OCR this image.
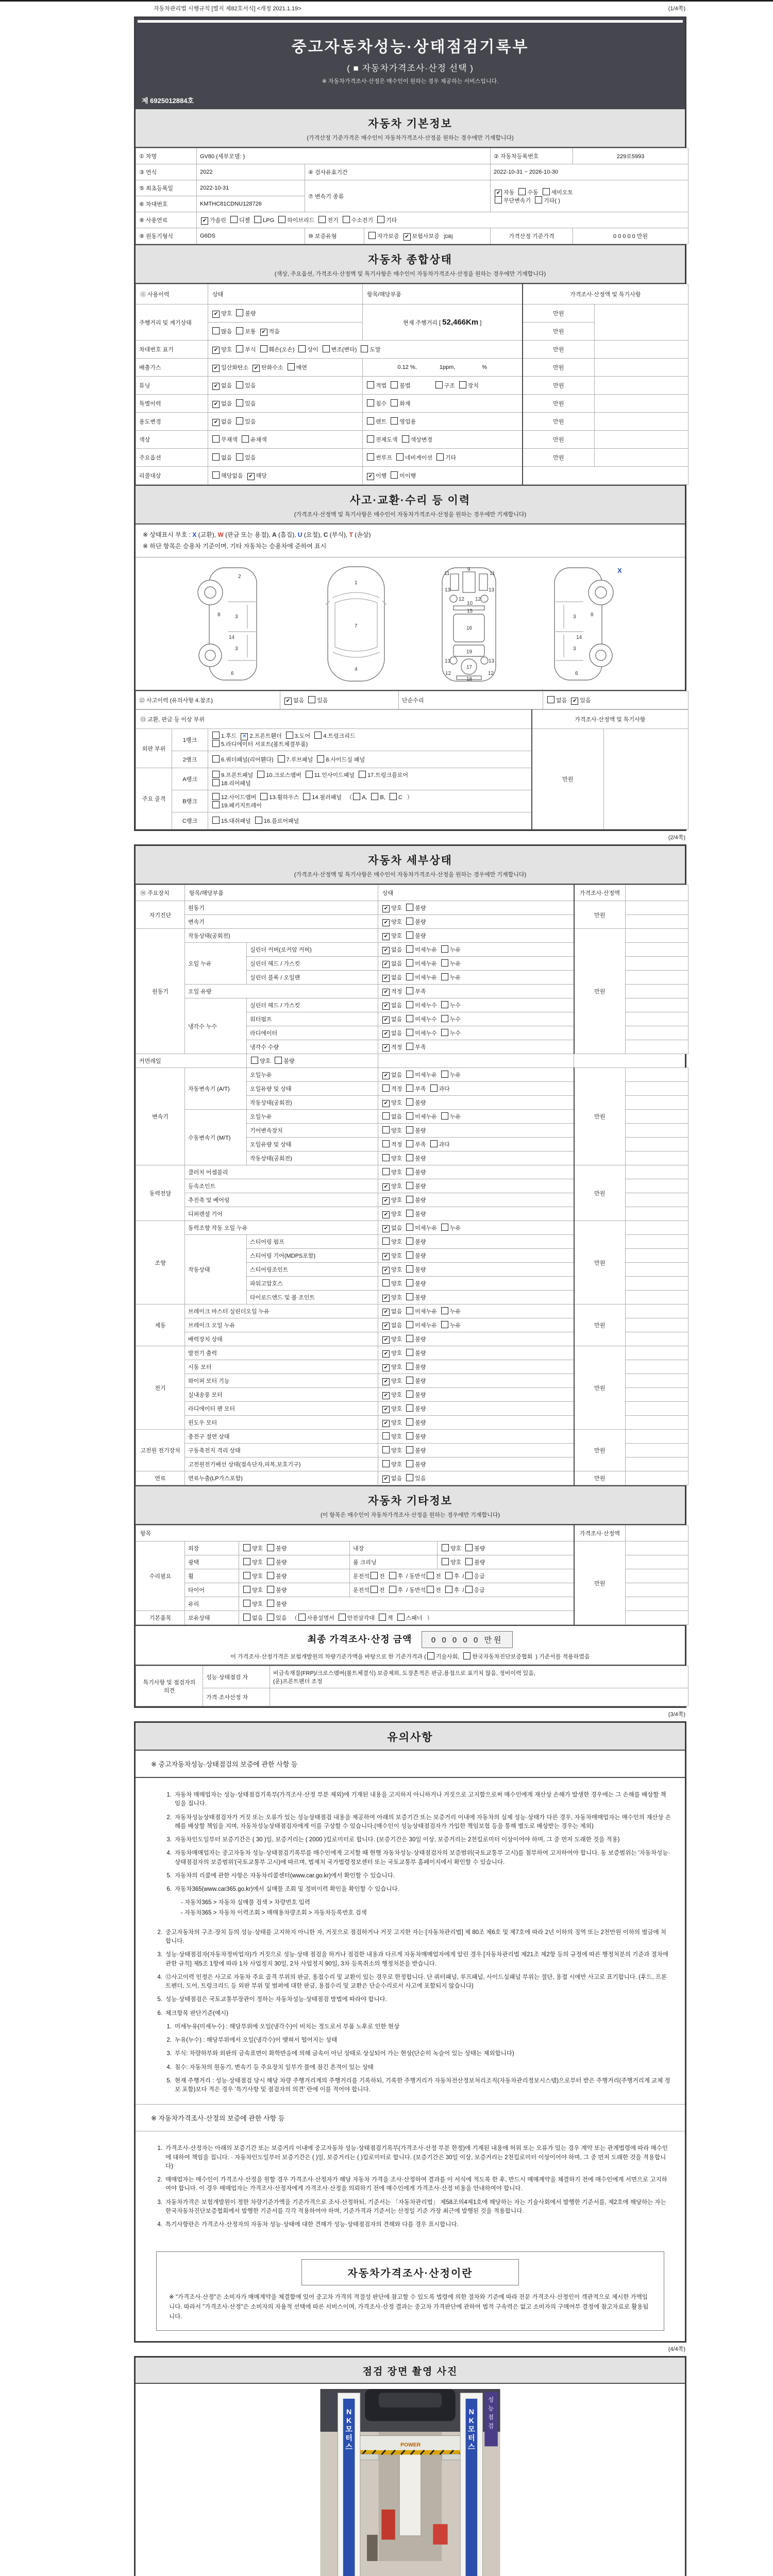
자동차관리법 시행규칙 [별지 제82호서식] <개정 2021.1.19>	(1/4쪽)
중고자동차성능·상태점검기록부
( ■ 자동차가격조사·산정 선택 )
※ 자동차가격조사·산정은 매수인이 원하는 경우 제공하는 서비스입니다.
제 6925012884호
자동차 기본정보
(가격산정 기준가격은 매수인이 자동차가격조사·산정을 원하는 경우에만 기재합니다)
① 차명	GV80 (세부모델: )			② 자동차등록번호	229로5993
③ 연식	2022	④ 검사유효기간		2022-10-31 ~ 2026-10-30	
⑤ 최초등록일	2022-10-31	⑦ 변속기 종류		✔ 자동 수동 세미오토
무단변속기 기타( )	
⑥ 차대번호	KMTHC81CDNU128726				
⑧ 사용연료	✔ 가솔린 디젤 LPG 하이브리드 전기 수소전기 기타				
⑨ 원동기형식	G6DS	⑩ 보증유형	자가보증 ✔ 보험사보증 [DB]	가격산정 기준가격	0 0 0 0 0 만원
자동차 종합상태
(색상, 주요옵션, 가격조사·산정액 및 특기사항은 매수인이 자동차가격조사·산정을 원하는 경우에만 기재합니다)
⑪ 사용이력	상태	항목/해당부품	가격조사·산정액 및 특기사항	
주행거리 및 계기상태	✔ 양호 불량	현재 주행거리 [ 52,466Km ]	만원	
	많음 보통 ✔ 적음		만원	
차대번호 표기	✔ 양호 부식 훼손(오손) 상이 변조(변타) 도말		만원	
배출가스	✔ 일산화탄소 ✔ 탄화수소 매연	0.12 %, 1ppm, %	만원	
튜닝	✔ 없음 있음	적법 불법 구조 장치	만원	
특별이력	✔ 없음 있음	침수 화재	만원	
용도변경	✔ 없음 있음	렌트 영업용	만원	
색상	무채색 유채색	전체도색 색상변경	만원	
주요옵션	없음 있음	썬루프 네비게이션 기타	만원	
리콜대상	해당없음 ✔ 해당	✔ 이행 미이행		
사고·교환·수리 등 이력
(가격조사·산정액 및 특기사항은 매수인이 자동차가격조사·산정을 원하는 경우에만 기재합니다)
※ 상태표시 부호 : X (교환), W (판금 또는 용접), A (흠집), U (요철), C (부식), T (손상)
※ 하단 항목은 승용차 기준이며, 기타 자동차는 승용차에 준하여 표시
2
8	3
14
3
6
1
7
4
9
11	11
13	13
12 12
10
15
16
19
13	13
17
12	12
18
3	8
14
3
6
X
⑫ 사고이력 (유의사항 4.참조)	✔ 없음 있음	단순수리	없음 ✔ 있음
⑬ 교환, 판금 등 이상 부위			가격조사·산정액 및 특기사항	
외판 부위	1랭크	1.후드 ✕ 2.프론트휀더 3.도어 4.트렁크리드
5.라디에이터 서포트(볼트체결부품)	만원	
	2랭크	6.쿼더패널(리어휀다) 7.루브패널 8.사이드실 패널		
주요 골격	A랭크	9.프론트패널 10.크로스멤버 11.인사이드패널 17.트렁크플로어
18.리어패널		
	B랭크	12.사이드멤버 13.휠하우스 14.필러패널 （ A, B, C ）
19.패키지트레이		
	C랭크	15.대쉬패널 16.플로어패널		
(2/4쪽)
자동차 세부상태
(가격조사·산정액 및 특기사항은 매수인이 자동차가격조사·산정을 원하는 경우에만 기재합니다)
⑭ 주요장치	항목/해당부품		상태	가격조사·산정액	
자기진단	원동기		✔ 양호 불량	만원	
	변속기		✔ 양호 불량		
원동기	작동상태(공회전)		✔ 양호 불량	만원	
	오일 누유	실린더 커버(로커암 커버)	✔ 없음 미세누유 누유		
		실린더 헤드 / 가스킷	✔ 없음 미세누유 누유		
		실린더 블록 / 오일팬	✔ 없음 미세누유 누유		
	오일 유량		✔ 적정 부족		
	냉각수 누수	실린더 헤드 / 가스킷	✔ 없음 미세누수 누수		
		워터펌프	✔ 없음 미세누수 누수		
		라디에이터	✔ 없음 미세누수 누수		
		냉각수 수량	✔ 적정 부족		
커먼레일		양호 불량			
변속기	자동변속기 (A/T)	오일누유	✔ 없음 미세누유 누유	만원	
		오일유량 및 상태	적정 부족 과다		
		작동상태(공회전)	✔ 양호 불량		
	수동변속기 (M/T)	오일누유	없음 미세누유 누유		
		기어변속장치	양호 불량		
		오일유량 및 상태	적정 부족 과다		
		작동상태(공회전)	양호 불량		
동력전달	클러치 어셈블리		양호 불량	만원	
	등속조인트		✔ 양호 불량		
	추진축 및 베어링		✔ 양호 불량		
	디퍼렌셜 기어		✔ 양호 불량		
조향	동력조향 작동 오일 누유		✔ 없음 미세누유 누유	만원	
	작동상태	스티어링 펌프	양호 불량		
		스티어링 기어(MDPS포함)	✔ 양호 불량		
		스티어링조인트	✔ 양호 불량		
		파워고압호스	양호 불량		
		타이로드엔드 및 볼 조인트	✔ 양호 불량		
제동	브레이크 마스터 실린더오일 누유		✔ 없음 미세누유 누유	만원	
	브레이크 오일 누유		✔ 없음 미세누유 누유		
	배력장치 상태		✔ 양호 불량		
전기	발전기 출력		✔ 양호 불량	만원	
	시동 모터		✔ 양호 불량		
	와이퍼 모터 기능		✔ 양호 불량		
	실내송풍 모터		✔ 양호 불량		
	라디에이터 팬 모터		✔ 양호 불량		
	윈도우 모터		✔ 양호 불량		
고전원 전기장치	충전구 절연 상태		양호 불량	만원	
	구동축전지 격리 상태		양호 불량		
	고전원전기배선 상태(접속단자,피복,보호기구)		양호 불량		
연료	연료누출(LP가스포함)		✔ 없음 있음	만원	
자동차 기타정보
(이 항목은 매수인이 자동차가격조사·산정을 원하는 경우에만 기재합니다)
항목					가격조사·산정액	
수리필요	외장	양호 불량	내장	양호 불량	만원	
	광택	양호 불량	룸 크리닝	양호 불량		
	휠	양호 불량	운전석 전 후 / 동반석 전 후 / 응급			
	타이어	양호 불량	운전석 전 후 / 동반석 전 후 / 응급			
	유리	양호 불량				
기본품목	보유상태	없음 있음 （ 사용설명서 안전삼각대 잭 스패너 ）				
최종 가격조사·산정 금액 0 0 0 0 0 만원
이 가격조사·산정가격은 보험개발원의 차량기준가액을 바탕으로 한 기준가격과 ( 기술사회, 한국자동차진단보증협회 ) 기준서를 적용하였음
특기사항 및 점검자의 의견	성능·상태점검 자	비금속재질(FRP)/크로스멤버(볼트체결식) 보증제외, 도장흔적은 판금,용접으로 표기치 않음, 정비이력 있음,
(운)프론트펜더 조정
	가격·조사산정 자	
(3/4쪽)
유의사항
※ 중고자동차성능·상태점검의 보증에 관한 사항 등
1. 자동차 매매업자는 성능·상태점검기록부(가격조사·산정 부분 제외)에 기재된 내용을 고지하지 아니하거나 거짓으로 고지함으로써 매수인에게 재산상 손해가 발생한 경우에는 그 손해를 배상할 책임을 집니다.
2. 자동차성능상태점검자가 거짓 또는 오류가 있는 성능상태점검 내용을 제공하여 아래의 보증기간 또는 보증거리 이내에 자동차의 실제 성능·상태가 다른 경우, 자동차매매업자는 매수인의 재산상 손해를 배상할 책임을 지며, 자동차성능상태점검자에게 이를 구상할 수 있습니다.(매수인이 성능상태점검자가 가입한 책임보험 등을 통해 별도로 배상받는 경우는 제외)
3. 자동차인도일부터 보증기간은 ( 30 )일, 보증거리는 ( 2000 )킬로미터로 합니다. (보증기간은 30일 이상, 보증거리는 2천킬로미터 이상이어야 하며, 그 중 먼저 도래한 것을 적용)
4. 자동차매매업자는 중고자동차 성능·상태점검기록부를 매수인에게 고지할 때 현행 자동차성능·상태점검자의 보증범위(국토교통부 고시)를 첨부하여 고지하여야 합니다. 동 보증범위는 '자동차성능·상태점검자의 보증범위'(국토교통부 고시)에 따르며, 법제처 국가법령정보센터 또는 국토교통부 홈페이지에서 확인할 수 있습니다.
5. 자동차의 리콜에 관한 사항은 자동차리콜센터(www.car.go.kr)에서 확인할 수 있습니다.
6. 자동차365(www.car365.go.kr)에서 실매물 조회 및 정비이력 확인을 확인할 수 있습니다.
- 자동차365 > 자동차 실매물 검색 > 차량번호 입력
- 자동차365 > 자동차 이력조회 > 매매용차량조회 > 자동차등록번호 검색
2. 중고자동차의 구조·장치 등의 성능·상태를 고지하지 아니한 자, 거짓으로 점검하거나 거짓 고지한 자는 [자동차관리법] 제 80조 제6호 및 제7호에 따라 2년 이하의 징역 또는 2천만원 이하의 벌금에 처합니다.
3. 성능·상태점검자(자동차정비업자)가 거짓으로 성능·상태 점검을 하거나 점검한 내용과 다르게 자동차매매업자에게 알린 경우 [자동차관리법 제21조 제2항 등의 규정에 따른 행정처분의 기준과 절차에 관한 규칙] 제5조 1항에 따라 1차 사업정지 30일, 2차 사업정지 90일, 3차 등록취소의 행정처분을 받습니다.
4. ⑫사고이력 인정은 사고로 자동차 주요 골격 부위의 판금, 용접수리 및 교환이 있는 경우로 한정합니다. 단 쿼터패널, 루프패널, 사이드실패널 부위는 절단, 용접 시에만 사고로 표기합니다. (후드, 프론트펜더, 도어, 트렁크리드 등 외판 부위 및 범퍼에 대한 판금, 용접수리 및 교환은 단순수리로서 사고에 포함되지 않습니다)
5. 성능·상태점검은 국토교통부장관이 정하는 자동차성능·상태점검 방법에 따라야 합니다.
6. 체크항목 판단기준(예시)
1. 미세누유(미세누수) : 해당부위에 오일(냉각수)이 비치는 정도로서 부품 노후로 인한 현상
2. 누유(누수) : 해당부위에서 오일(냉각수)이 맺혀서 떨어지는 상태
3. 부식: 차량하부와 외판의 금속표면이 화학반응에 의해 금속이 아닌 상태로 상실되어 가는 현상(단순히 녹슬어 있는 상태는 제외합니다)
4. 침수: 자동차의 원동기, 변속기 등 주요장치 일부가 물에 잠긴 흔적이 있는 상태
5. 현재 주행거리 : 성능·상태점검 당시 해당 차량 주행거리계의 주행거리를 기록하되, 기록한 주행거리가 자동차전산정보처리조직(자동차관리정보시스템)으로부터 받은 주행거리(주행거리계 교체 정보 포함)보다 적은 경우 '특기사항 및 점검자의 의견' 란에 이를 적어야 합니다.
※ 자동차가격조사·산정의 보증에 관한 사항 등
1. 가격조사·산정자는 아래의 보증기간 또는 보증거리 이내에 중고자동차 성능·상태점검기록부(가격조사·산정 부분 한정)에 기재된 내용에 허위 또는 오류가 있는 경우 계약 또는 관계법령에 따라 매수인에 대하여 책임을 집니다. · 자동차인도일부터 보증기간은 ( )일, 보증거리는 ( )킬로미터로 합니다. (보증기간은 30일 이상, 보증거리는 2천킬로미터 이상이어야 하며, 그 중 먼저 도래한 것을 적용합니다)
2. 매매업자는 매수인이 가격조사·산정을 원할 경우 가격조사·산정자가 해당 자동차 가격을 조사·산정하여 결과를 이 서식에 적도록 한 후, 반드시 매매계약을 체결하기 전에 매수인에게 서면으로 고지하여야 합니다. 이 경우 매매업자는 가격조사·산정자에게 가격조사·산정을 의뢰하기 전에 매수인에게 가격조사·산정 비용을 안내하여야 합니다.
3. 자동차가격은 보험개발원이 정한 차량기준가액을 기준가격으로 조사·산정하되, 기준서는 「자동차관리법」 제58조의4제1호에 해당하는 자는 기술사회에서 발행한 기준서를, 제2호에 해당하는 자는 한국자동차진단보증협회에서 발행한 기준서를 각각 적용하여야 하며, 기준가격과 기준서는 산정일 기준 가장 최근에 발행된 것을 적용합니다.
4. 특기사항란은 가격조사·산정자의 자동차 성능·상태에 대한 견해가 성능·상태점검자의 견해와 다를 경우 표시합니다.
자동차가격조사·산정이란
※ "가격조사·산정"은 소비자가 매매계약을 체결함에 있어 중고차 가격의 적절성 판단에 참고할 수 있도록 법령에 의한 절차와 기준에 따라 전문 가격조사·산정인이 객관적으로 제시한 가액입니다. 따라서 "가격조사·산정"은 소비자의 자율적 선택에 따른 서비스이며, 가격조사·산정 결과는 중고차 가격판단에 관하여 법적 구속력은 없고 소비자의 구매여부 결정에 참고자료로 활용됩니다.
(4/4쪽)
점검 장면 촬영 사진
POWER
N K 모 터 스
N K 모 터 스
성 능 점 검
